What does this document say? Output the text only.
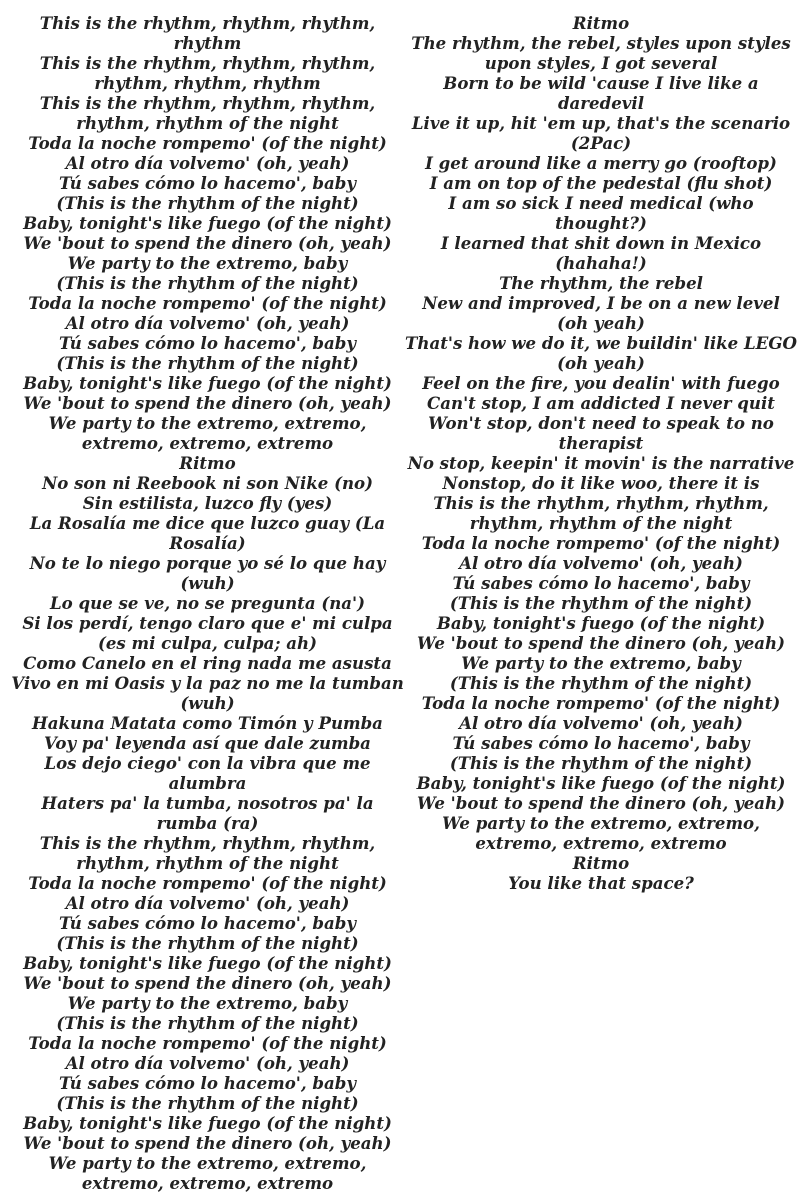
This is the rhythm, rhythm, rhythm, rhythm
This is the rhythm, rhythm, rhythm, rhythm, rhythm, rhythm
This is the rhythm, rhythm, rhythm, rhythm, rhythm of the night
Toda la noche rompemo' (of the night)
Al otro día volvemo' (oh, yeah)
Tú sabes cómo lo hacemo', baby
(This is the rhythm of the night)
Baby, tonight's like fuego (of the night)
We 'bout to spend the dinero (oh, yeah)
We party to the extremo, baby
(This is the rhythm of the night)
Toda la noche rompemo' (of the night)
Al otro día volvemo' (oh, yeah)
Tú sabes cómo lo hacemo', baby
(This is the rhythm of the night)
Baby, tonight's like fuego (of the night)
We 'bout to spend the dinero (oh, yeah)
We party to the extremo, extremo, extremo, extremo, extremo
Ritmo
No son ni Reebook ni son Nike (no)
Sin estilista, luzco fly (yes)
La Rosalía me dice que luzco guay (La Rosalía)
No te lo niego porque yo sé lo que hay (wuh)
Lo que se ve, no se pregunta (na')
Si los perdí, tengo claro que e' mi culpa (es mi culpa, culpa; ah)
Como Canelo en el ring nada me asusta
Vivo en mi Oasis y la paz no me la tumban (wuh)
Hakuna Matata como Timón y Pumba
Voy pa' leyenda así que dale zumba
Los dejo ciego' con la vibra que me alumbra
Haters pa' la tumba, nosotros pa' la rumba (ra)
This is the rhythm, rhythm, rhythm, rhythm, rhythm of the night
Toda la noche rompemo' (of the night)
Al otro día volvemo' (oh, yeah)
Tú sabes cómo lo hacemo', baby
(This is the rhythm of the night)
Baby, tonight's like fuego (of the night)
We 'bout to spend the dinero (oh, yeah)
We party to the extremo, baby
(This is the rhythm of the night)
Toda la noche rompemo' (of the night)
Al otro día volvemo' (oh, yeah)
Tú sabes cómo lo hacemo', baby
(This is the rhythm of the night)
Baby, tonight's like fuego (of the night)
We 'bout to spend the dinero (oh, yeah)
We party to the extremo, extremo, extremo, extremo, extremo
Ritmo
The rhythm, the rebel, styles upon styles upon styles, I got several
Born to be wild 'cause I live like a daredevil
Live it up, hit 'em up, that's the scenario (2Pac)
I get around like a merry go (rooftop)
I am on top of the pedestal (flu shot)
I am so sick I need medical (who thought?)
I learned that shit down in Mexico (hahaha!)
The rhythm, the rebel
New and improved, I be on a new level (oh yeah)
That's how we do it, we buildin' like LEGO (oh yeah)
Feel on the fire, you dealin' with fuego
Can't stop, I am addicted I never quit
Won't stop, don't need to speak to no therapist
No stop, keepin' it movin' is the narrative
Nonstop, do it like woo, there it is
This is the rhythm, rhythm, rhythm, rhythm, rhythm of the night
Toda la noche rompemo' (of the night)
Al otro día volvemo' (oh, yeah)
Tú sabes cómo lo hacemo', baby
(This is the rhythm of the night)
Baby, tonight's fuego (of the night)
We 'bout to spend the dinero (oh, yeah)
We party to the extremo, baby
(This is the rhythm of the night)
Toda la noche rompemo' (of the night)
Al otro día volvemo' (oh, yeah)
Tú sabes cómo lo hacemo', baby
(This is the rhythm of the night)
Baby, tonight's like fuego (of the night)
We 'bout to spend the dinero (oh, yeah)
We party to the extremo, extremo, extremo, extremo, extremo
Ritmo
You like that space?
